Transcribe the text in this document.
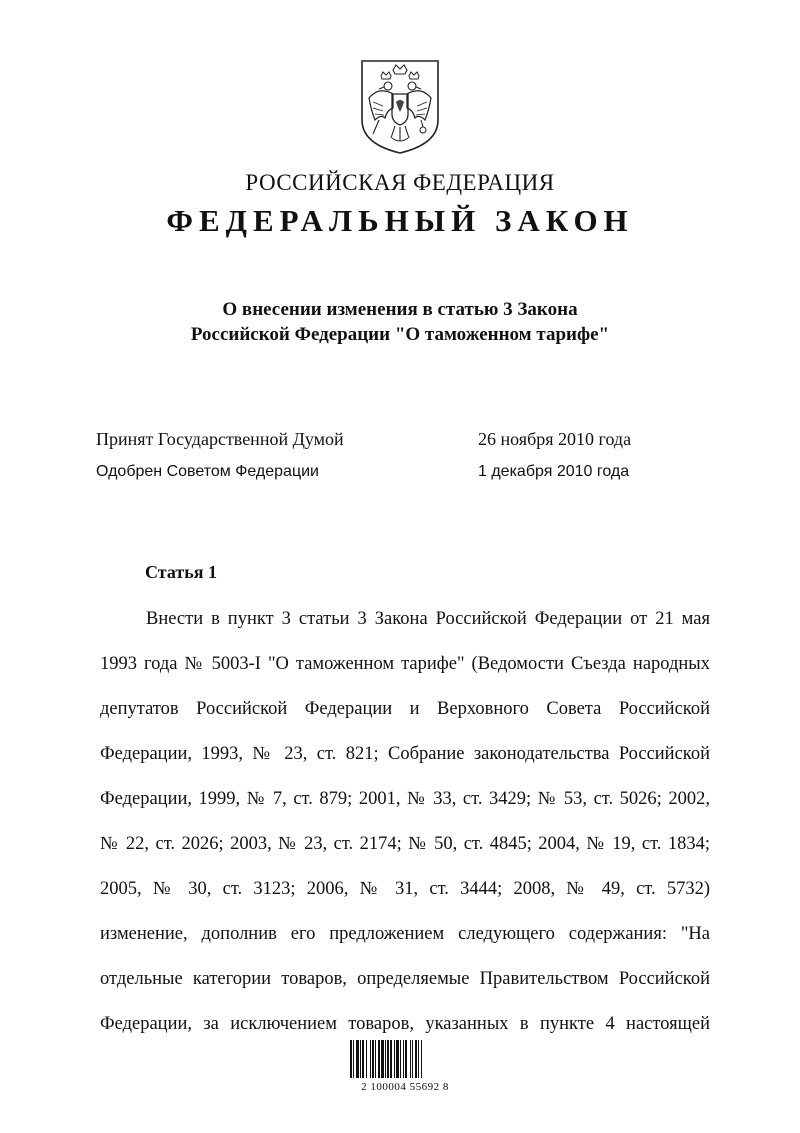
РОССИЙСКАЯ ФЕДЕРАЦИЯ
ФЕДЕРАЛЬНЫЙ ЗАКОН
О внесении изменения в статью 3 Закона
Российской Федерации "О таможенном тарифе"
Принят Государственной Думой	26 ноября 2010 года
Одобрен Советом Федерации	1 декабря 2010 года
Статья 1
Внести в пункт 3 статьи 3 Закона Российской Федерации от 21 мая
1993 года № 5003-I "О таможенном тарифе" (Ведомости Съезда народных
депутатов Российской Федерации и Верховного Совета Российской
Федерации, 1993, № 23, ст. 821; Собрание законодательства Российской
Федерации, 1999, № 7, ст. 879; 2001, № 33, ст. 3429; № 53, ст. 5026; 2002,
№ 22, ст. 2026; 2003, № 23, ст. 2174; № 50, ст. 4845; 2004, № 19, ст. 1834;
2005, № 30, ст. 3123; 2006, № 31, ст. 3444; 2008, № 49, ст. 5732)
изменение, дополнив его предложением следующего содержания: "На
отдельные категории товаров, определяемые Правительством Российской
Федерации, за исключением товаров, указанных в пункте 4 настоящей
2 100004 55692 8
